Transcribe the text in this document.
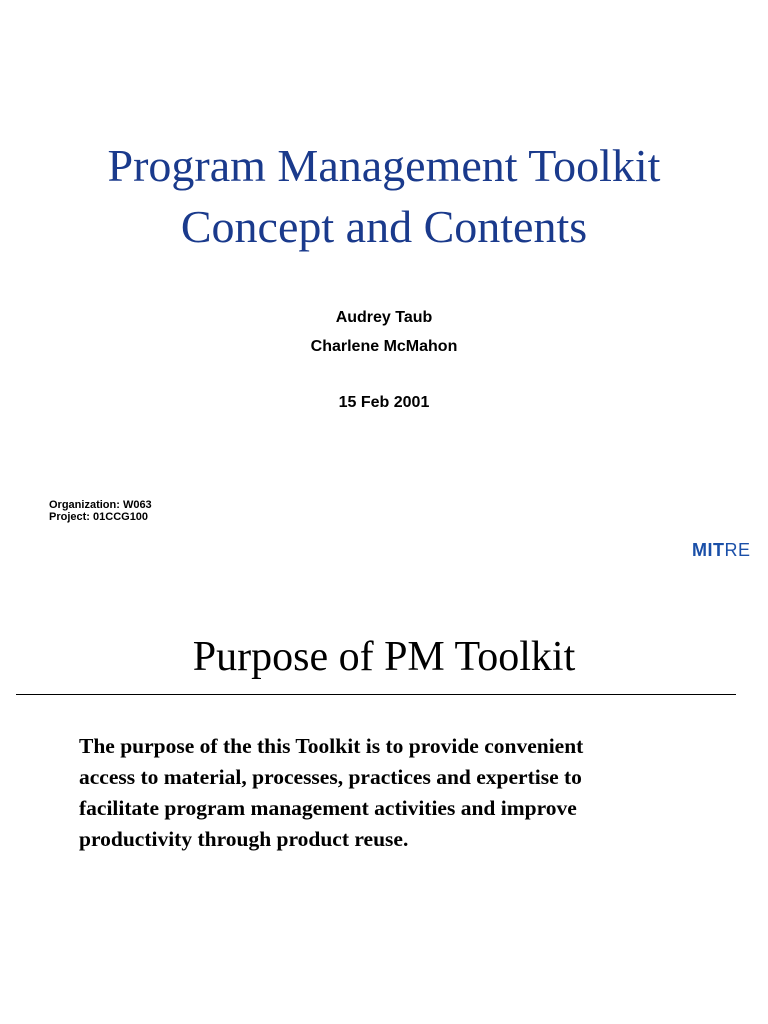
Program Management Toolkit
Concept and Contents
Audrey Taub
Charlene McMahon
15 Feb 2001
Organization: W063
Project: 01CCG100
MITRE
Purpose of PM Toolkit
The purpose of the this Toolkit is to provide convenient
access to material, processes, practices and expertise to
facilitate program management activities and improve
productivity through product reuse.
